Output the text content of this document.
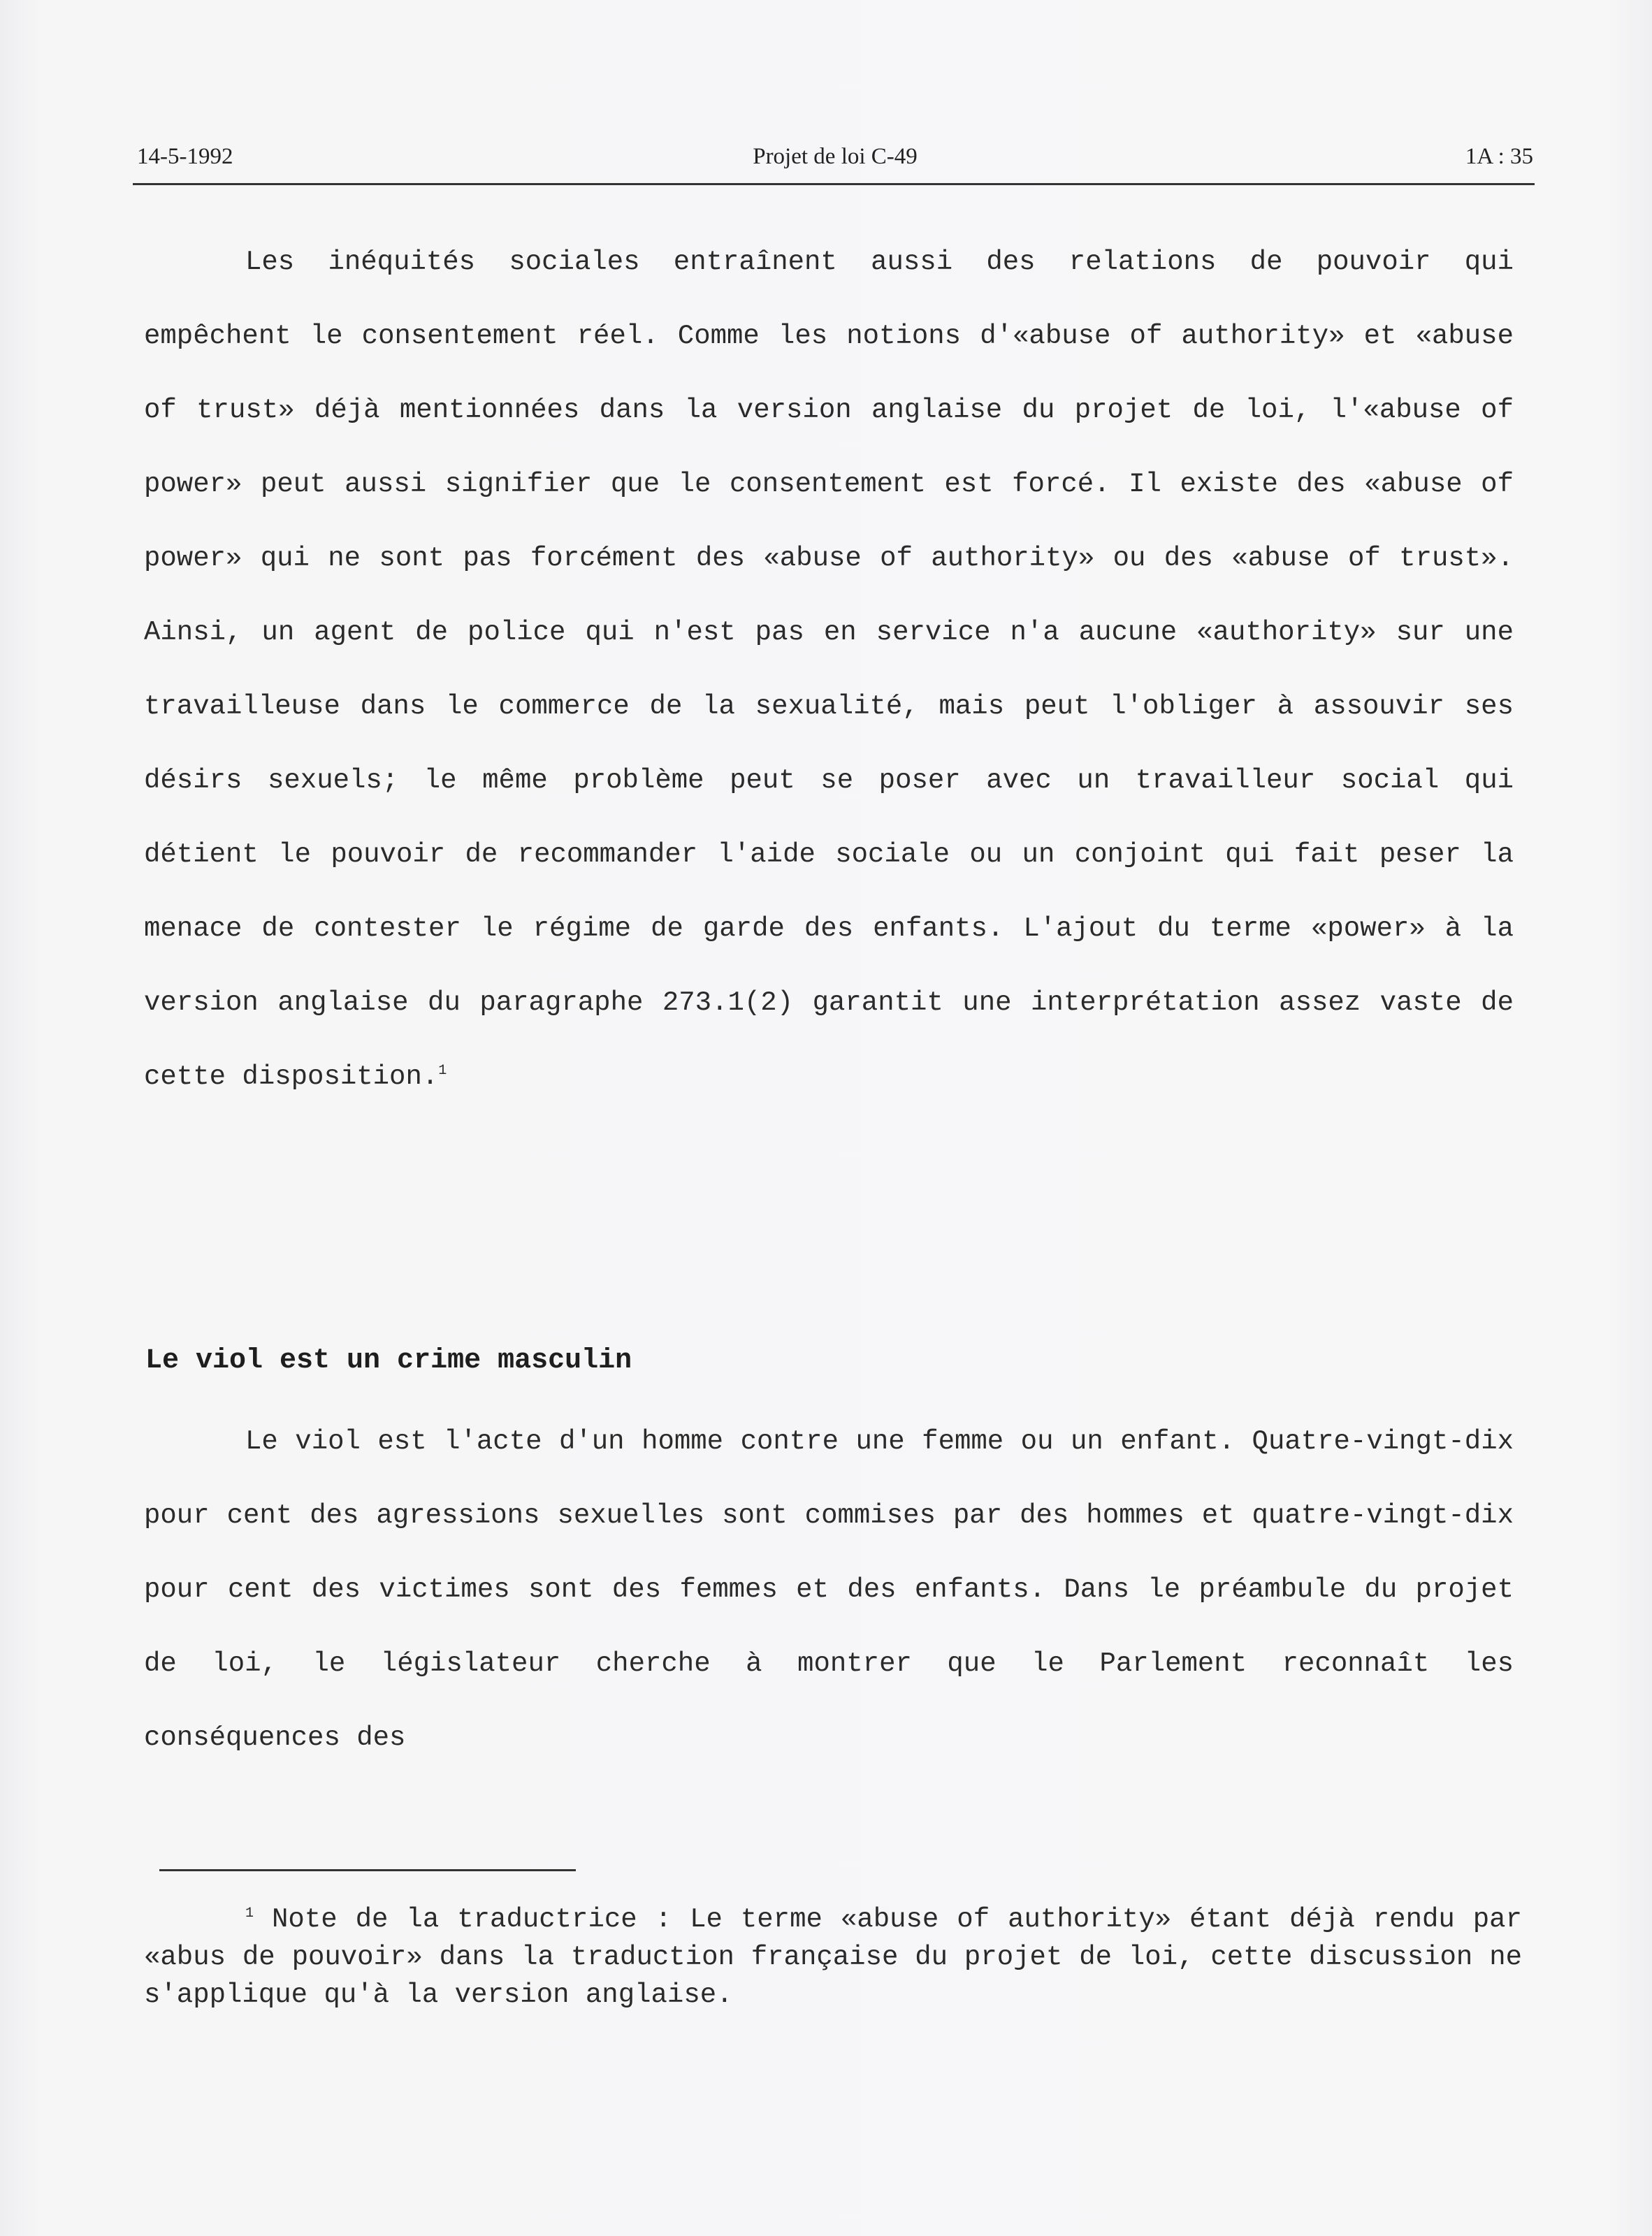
14-5-1992	Projet de loi C-49	1A : 35

Les inéquités sociales entraînent aussi des relations de pouvoir qui empêchent le consentement réel. Comme les notions d'«abuse of authority» et «abuse of trust» déjà mentionnées dans la version anglaise du projet de loi, l'«abuse of power» peut aussi signifier que le consentement est forcé. Il existe des «abuse of power» qui ne sont pas forcément des «abuse of authority» ou des «abuse of trust». Ainsi, un agent de police qui n'est pas en service n'a aucune «authority» sur une travailleuse dans le commerce de la sexualité, mais peut l'obliger à assouvir ses désirs sexuels; le même problème peut se poser avec un travailleur social qui détient le pouvoir de recommander l'aide sociale ou un conjoint qui fait peser la menace de contester le régime de garde des enfants. L'ajout du terme «power» à la version anglaise du paragraphe 273.1(2) garantit une interprétation assez vaste de cette disposition.$^1$

Le viol est un crime masculin

Le viol est l'acte d'un homme contre une femme ou un enfant. Quatre-vingt-dix pour cent des agressions sexuelles sont commises par des hommes et quatre-vingt-dix pour cent des victimes sont des femmes et des enfants. Dans le préambule du projet de loi, le législateur cherche à montrer que le Parlement reconnaît les conséquences des

$^1$ Note de la traductrice : Le terme «abuse of authority» étant déjà rendu par «abus de pouvoir» dans la traduction française du projet de loi, cette discussion ne s'applique qu'à la version anglaise.
